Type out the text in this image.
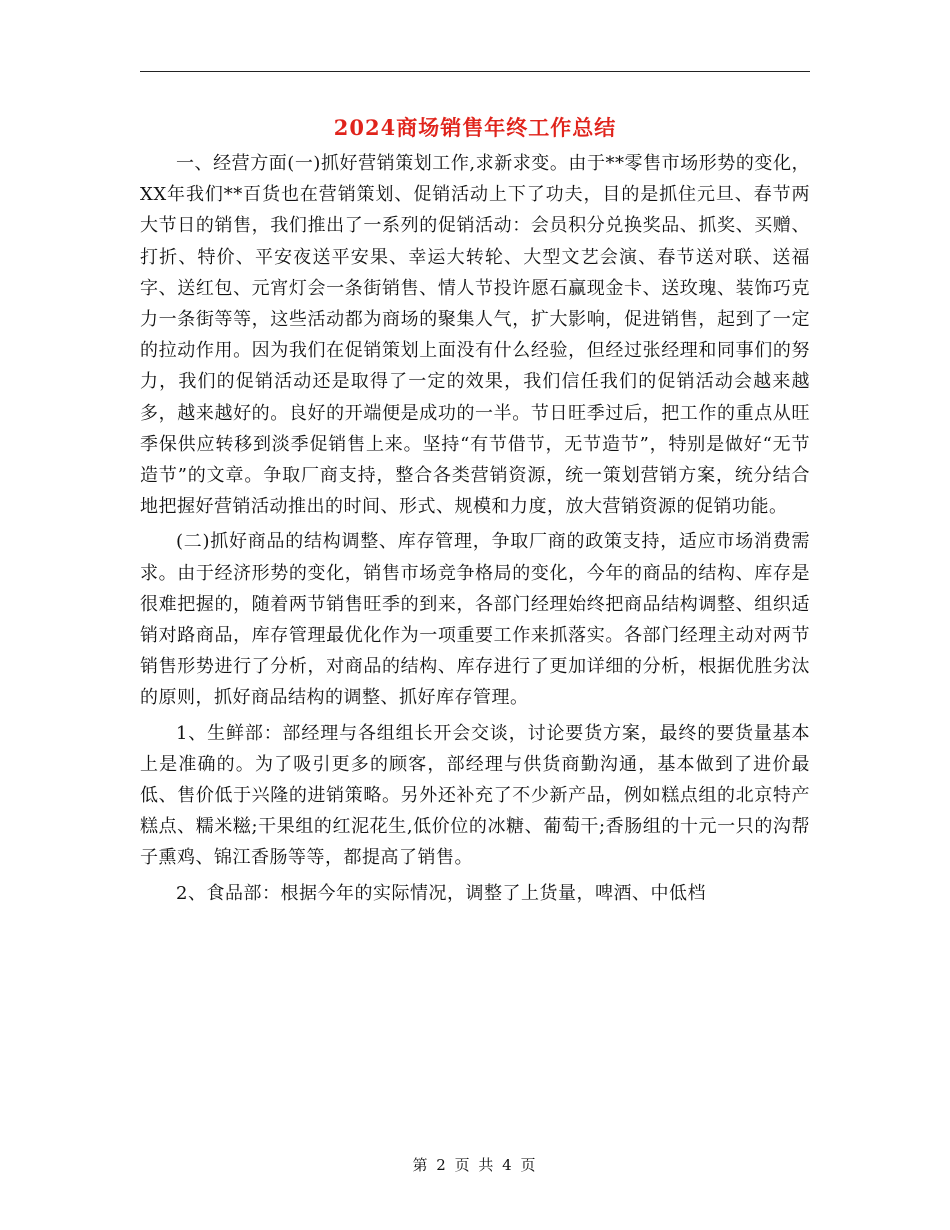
2024商场销售年终工作总结

一、经营方面(一)抓好营销策划工作,求新求变。由于**零售市场形势的变化，XX年我们**百货也在营销策划、促销活动上下了功夫，目的是抓住元旦、春节两大节日的销售，我们推出了一系列的促销活动：会员积分兑换奖品、抓奖、买赠、打折、特价、平安夜送平安果、幸运大转轮、大型文艺会演、春节送对联、送福字、送红包、元宵灯会一条街销售、情人节投许愿石赢现金卡、送玫瑰、装饰巧克力一条街等等，这些活动都为商场的聚集人气，扩大影响，促进销售，起到了一定的拉动作用。因为我们在促销策划上面没有什么经验，但经过张经理和同事们的努力，我们的促销活动还是取得了一定的效果，我们信任我们的促销活动会越来越多，越来越好的。良好的开端便是成功的一半。节日旺季过后，把工作的重点从旺季保供应转移到淡季促销售上来。坚持“有节借节，无节造节”，特别是做好“无节造节”的文章。争取厂商支持，整合各类营销资源，统一策划营销方案，统分结合地把握好营销活动推出的时间、形式、规模和力度，放大营销资源的促销功能。

(二)抓好商品的结构调整、库存管理，争取厂商的政策支持，适应市场消费需求。由于经济形势的变化，销售市场竞争格局的变化，今年的商品的结构、库存是很难把握的，随着两节销售旺季的到来，各部门经理始终把商品结构调整、组织适销对路商品，库存管理最优化作为一项重要工作来抓落实。各部门经理主动对两节销售形势进行了分析，对商品的结构、库存进行了更加详细的分析，根据优胜劣汰的原则，抓好商品结构的调整、抓好库存管理。

1、生鲜部：部经理与各组组长开会交谈，讨论要货方案，最终的要货量基本上是准确的。为了吸引更多的顾客，部经理与供货商勤沟通，基本做到了进价最低、售价低于兴隆的进销策略。另外还补充了不少新产品，例如糕点组的北京特产糕点、糯米糍;干果组的红泥花生,低价位的冰糖、葡萄干;香肠组的十元一只的沟帮子熏鸡、锦江香肠等等，都提高了销售。

2、食品部：根据今年的实际情况，调整了上货量，啤酒、中低档

第 2 页 共 4 页
